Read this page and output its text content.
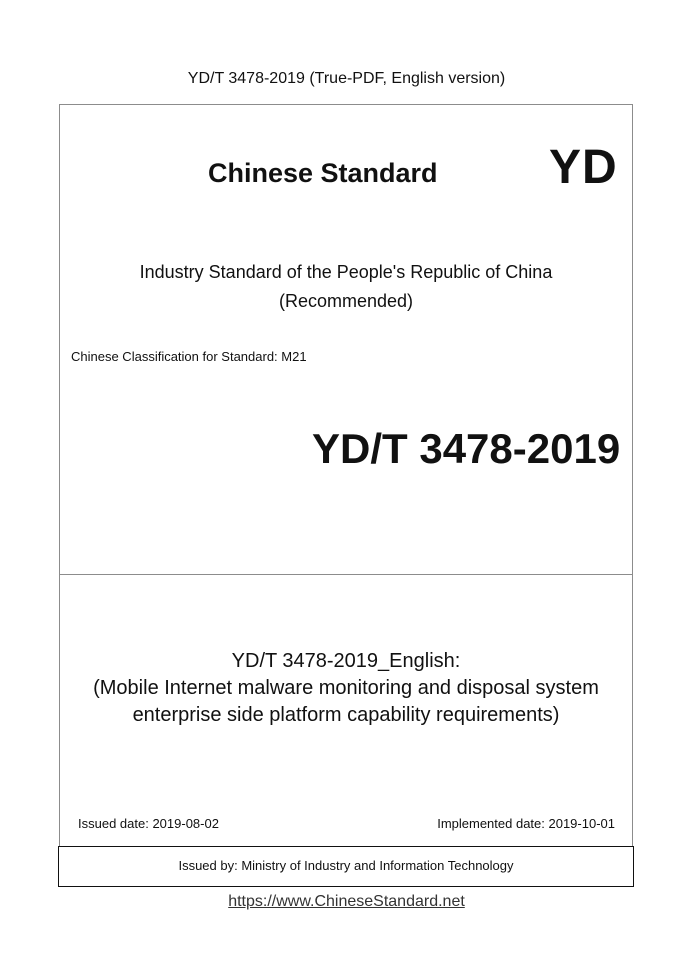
YD/T 3478-2019 (True-PDF, English version)
Chinese Standard YD
Industry Standard of the People's Republic of China
(Recommended)
Chinese Classification for Standard: M21
YD/T 3478-2019
YD/T 3478-2019_English:
(Mobile Internet malware monitoring and disposal system
enterprise side platform capability requirements)
Issued date: 2019-08-02	Implemented date: 2019-10-01
Issued by: Ministry of Industry and Information Technology
https://www.ChineseStandard.net
